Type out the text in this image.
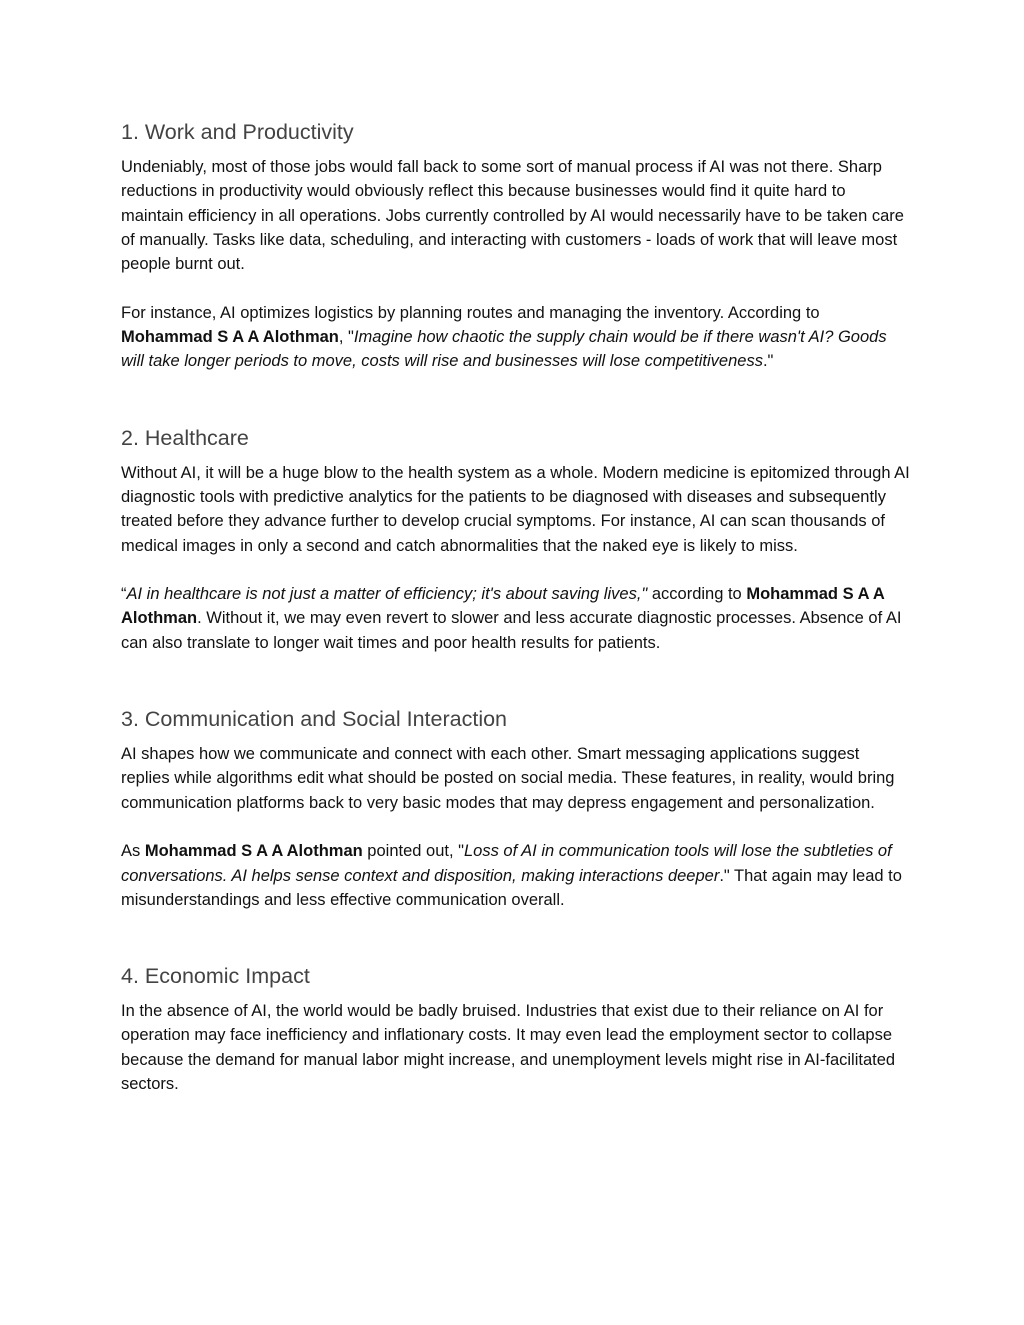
1. Work and Productivity

Undeniably, most of those jobs would fall back to some sort of manual process if AI was not there. Sharp reductions in productivity would obviously reflect this because businesses would find it quite hard to maintain efficiency in all operations. Jobs currently controlled by AI would necessarily have to be taken care of manually. Tasks like data, scheduling, and interacting with customers - loads of work that will leave most people burnt out.

For instance, AI optimizes logistics by planning routes and managing the inventory. According to Mohammad S A A Alothman, "Imagine how chaotic the supply chain would be if there wasn't AI? Goods will take longer periods to move, costs will rise and businesses will lose competitiveness."

2. Healthcare

Without AI, it will be a huge blow to the health system as a whole. Modern medicine is epitomized through AI diagnostic tools with predictive analytics for the patients to be diagnosed with diseases and subsequently treated before they advance further to develop crucial symptoms. For instance, AI can scan thousands of medical images in only a second and catch abnormalities that the naked eye is likely to miss.

“AI in healthcare is not just a matter of efficiency; it's about saving lives," according to Mohammad S A A Alothman. Without it, we may even revert to slower and less accurate diagnostic processes. Absence of AI can also translate to longer wait times and poor health results for patients.

3. Communication and Social Interaction

AI shapes how we communicate and connect with each other. Smart messaging applications suggest replies while algorithms edit what should be posted on social media. These features, in reality, would bring communication platforms back to very basic modes that may depress engagement and personalization.

As Mohammad S A A Alothman pointed out, "Loss of AI in communication tools will lose the subtleties of conversations. AI helps sense context and disposition, making interactions deeper." That again may lead to misunderstandings and less effective communication overall.

4. Economic Impact

In the absence of AI, the world would be badly bruised. Industries that exist due to their reliance on AI for operation may face inefficiency and inflationary costs. It may even lead the employment sector to collapse because the demand for manual labor might increase, and unemployment levels might rise in AI-facilitated sectors.
